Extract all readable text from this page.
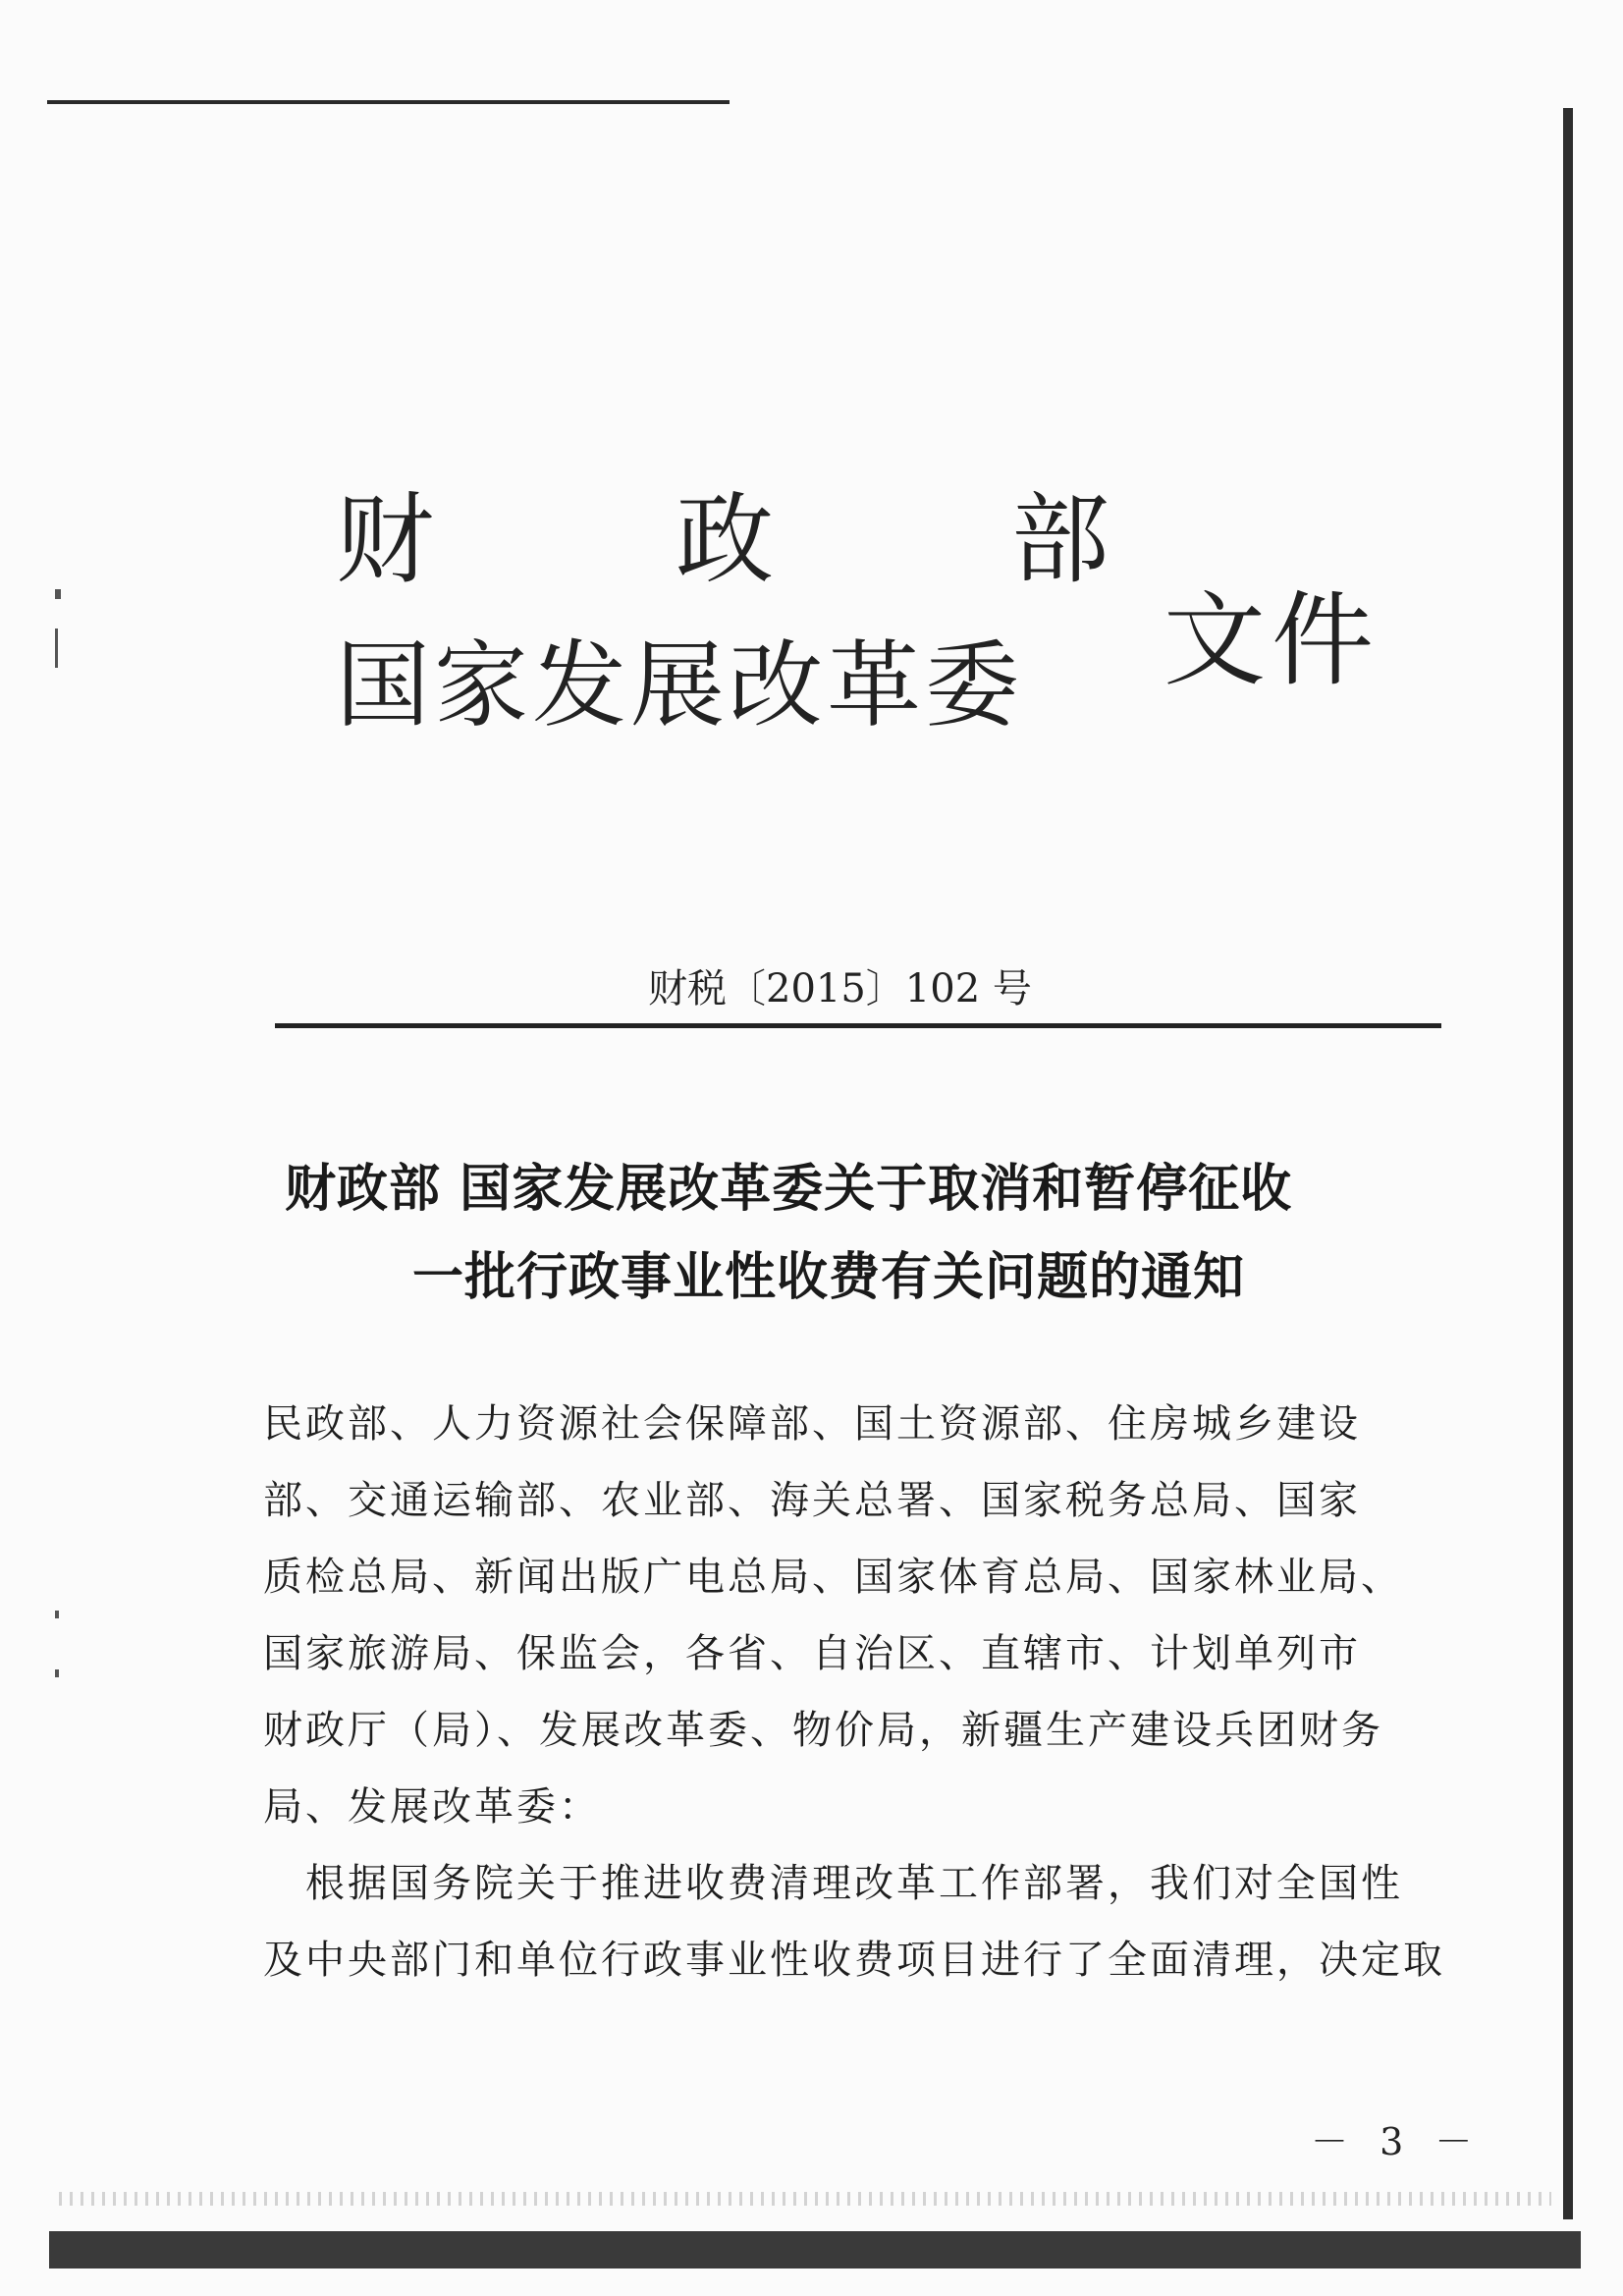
财 政 部
国家发展改革委 文件
财税〔2015〕102 号
财政部 国家发展改革委关于取消和暂停征收
一批行政事业性收费有关问题的通知
民政部、人力资源社会保障部、国土资源部、住房城乡建设
部、交通运输部、农业部、海关总署、国家税务总局、国家
质检总局、新闻出版广电总局、国家体育总局、国家林业局、
国家旅游局、保监会，各省、自治区、直辖市、计划单列市
财政厅（局）、发展改革委、物价局，新疆生产建设兵团财务
局、发展改革委：
　根据国务院关于推进收费清理改革工作部署，我们对全国性
及中央部门和单位行政事业性收费项目进行了全面清理，决定取
－ 3 －
